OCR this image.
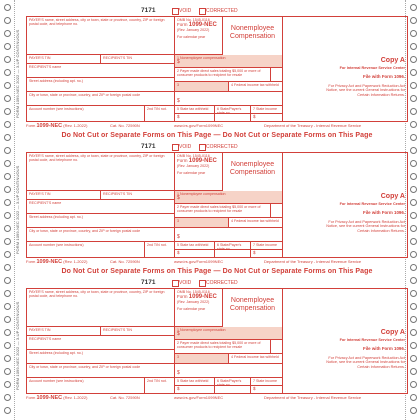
7171	VOID	CORRECTED
PAYER'S name, street address, city or town, state or province, country, ZIP or foreign postal code, and telephone no.
OMB No. 1545-0116
Form 1099-NEC
(Rev. January 2022)
For calendar year
Nonemployee Compensation
PAYER'S TIN	RECIPIENT'S TIN	1 Nonemployee compensation
$
RECIPIENT'S name
2 Payer made direct sales totaling $5,000 or more of consumer products to recipient for resale
Street address (including apt. no.)
3	4 Federal income tax withheld
City or town, state or province, country, and ZIP or foreign postal code
$
Account number (see instructions)	2nd TIN not.	5 State tax withheld	6 State/Payer's state no.
7 State income
$	$
Copy A
For Internal Revenue Service Center
File with Form 1096.
For Privacy Act and Paperwork Reduction Act Notice, see the current General Instructions for Certain Information Returns.
Form 1099-NEC (Rev. 1-2022)	Cat. No. 72590N	www.irs.gov/Form1099NEC	Department of the Treasury - Internal Revenue Service
Do Not Cut or Separate Forms on This Page — Do Not Cut or Separate Forms on This Page
FORM 1099-NEC 2022 — 3-UP CONTINUOUS
7171	VOID	CORRECTED
PAYER'S name, street address, city or town, state or province, country, ZIP or foreign postal code, and telephone no.
OMB No. 1545-0116
Form 1099-NEC
(Rev. January 2022)
For calendar year
Nonemployee Compensation
PAYER'S TIN	RECIPIENT'S TIN	1 Nonemployee compensation
$
RECIPIENT'S name
2 Payer made direct sales totaling $5,000 or more of consumer products to recipient for resale
Street address (including apt. no.)
3	4 Federal income tax withheld
City or town, state or province, country, and ZIP or foreign postal code
$
Account number (see instructions)	2nd TIN not.	5 State tax withheld	6 State/Payer's state no.
7 State income
$	$
Copy A
For Internal Revenue Service Center
File with Form 1096.
For Privacy Act and Paperwork Reduction Act Notice, see the current General Instructions for Certain Information Returns.
Form 1099-NEC (Rev. 1-2022)	Cat. No. 72590N	www.irs.gov/Form1099NEC	Department of the Treasury - Internal Revenue Service
Do Not Cut or Separate Forms on This Page — Do Not Cut or Separate Forms on This Page
FORM 1099-NEC 2022 — 3-UP CONTINUOUS
7171	VOID	CORRECTED
PAYER'S name, street address, city or town, state or province, country, ZIP or foreign postal code, and telephone no.
OMB No. 1545-0116
Form 1099-NEC
(Rev. January 2022)
For calendar year
Nonemployee Compensation
PAYER'S TIN	RECIPIENT'S TIN	1 Nonemployee compensation
$
RECIPIENT'S name
2 Payer made direct sales totaling $5,000 or more of consumer products to recipient for resale
Street address (including apt. no.)
3	4 Federal income tax withheld
City or town, state or province, country, and ZIP or foreign postal code
$
Account number (see instructions)	2nd TIN not.	5 State tax withheld	6 State/Payer's state no.
7 State income
$	$
Copy A
For Internal Revenue Service Center
File with Form 1096.
For Privacy Act and Paperwork Reduction Act Notice, see the current General Instructions for Certain Information Returns.
Form 1099-NEC (Rev. 1-2022)	Cat. No. 72590N	www.irs.gov/Form1099NEC	Department of the Treasury - Internal Revenue Service
FORM 1099-NEC 2022 — 3-UP CONTINUOUS
